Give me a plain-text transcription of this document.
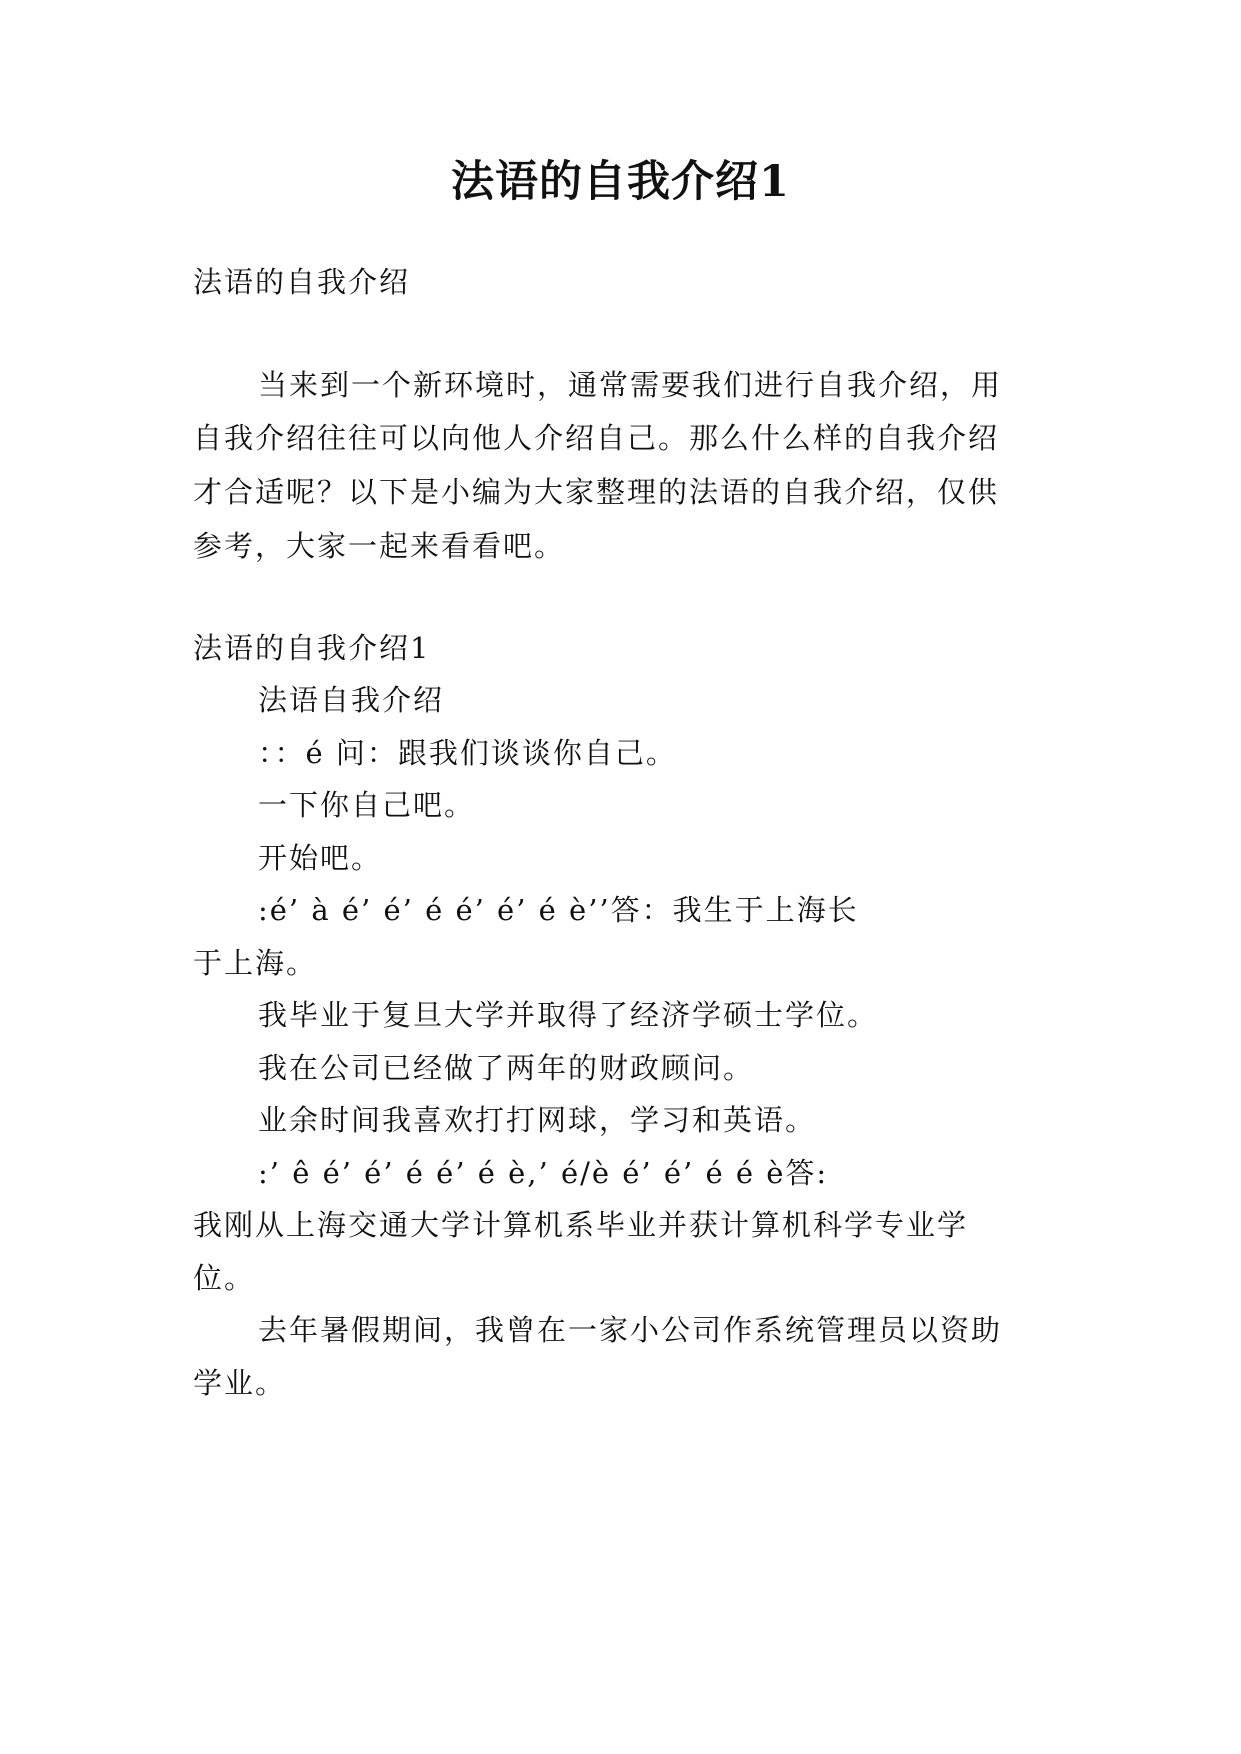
法语的自我介绍1
法语的自我介绍
当来到一个新环境时，通常需要我们进行自我介绍，用
自我介绍往往可以向他人介绍自己。那么什么样的自我介绍
才合适呢？以下是小编为大家整理的法语的自我介绍，仅供
参考，大家一起来看看吧。
法语的自我介绍1
法语自我介绍
：：é 问：跟我们谈谈你自己。
一下你自己吧。
开始吧。
:é’ à é’ é’ é é’ é’ é è’’答：我生于上海长
于上海。
我毕业于复旦大学并取得了经济学硕士学位。
我在公司已经做了两年的财政顾问。
业余时间我喜欢打打网球，学习和英语。
:’ ê é’ é’ é é’ é è,’ é/è é’ é’ é é è答:
我刚从上海交通大学计算机系毕业并获计算机科学专业学
位。
去年暑假期间，我曾在一家小公司作系统管理员以资助
学业。
